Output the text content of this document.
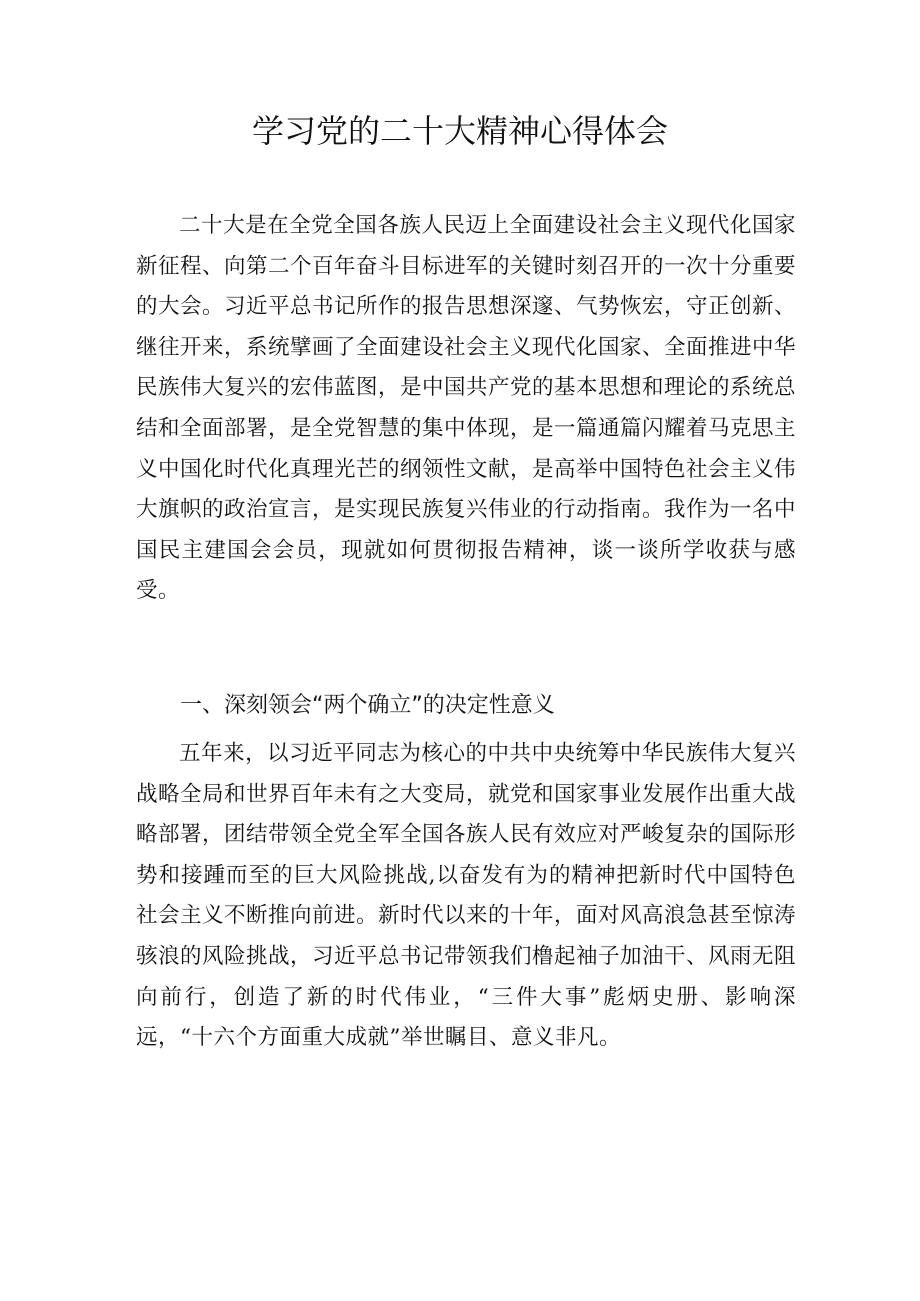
学习党的二十大精神心得体会

二十大是在全党全国各族人民迈上全面建设社会主义现代化国家新征程、向第二个百年奋斗目标进军的关键时刻召开的一次十分重要的大会。习近平总书记所作的报告思想深邃、气势恢宏，守正创新、继往开来，系统擘画了全面建设社会主义现代化国家、全面推进中华民族伟大复兴的宏伟蓝图，是中国共产党的基本思想和理论的系统总结和全面部署，是全党智慧的集中体现，是一篇通篇闪耀着马克思主义中国化时代化真理光芒的纲领性文献，是高举中国特色社会主义伟大旗帜的政治宣言，是实现民族复兴伟业的行动指南。我作为一名中国民主建国会会员，现就如何贯彻报告精神，谈一谈所学收获与感受。

一、深刻领会“两个确立”的决定性意义

五年来，以习近平同志为核心的中共中央统筹中华民族伟大复兴战略全局和世界百年未有之大变局，就党和国家事业发展作出重大战略部署，团结带领全党全军全国各族人民有效应对严峻复杂的国际形势和接踵而至的巨大风险挑战,以奋发有为的精神把新时代中国特色社会主义不断推向前进。新时代以来的十年，面对风高浪急甚至惊涛骇浪的风险挑战，习近平总书记带领我们橹起袖子加油干、风雨无阻向前行，创造了新的时代伟业，“三件大事”彪炳史册、影响深远，“十六个方面重大成就”举世瞩目、意义非凡。
